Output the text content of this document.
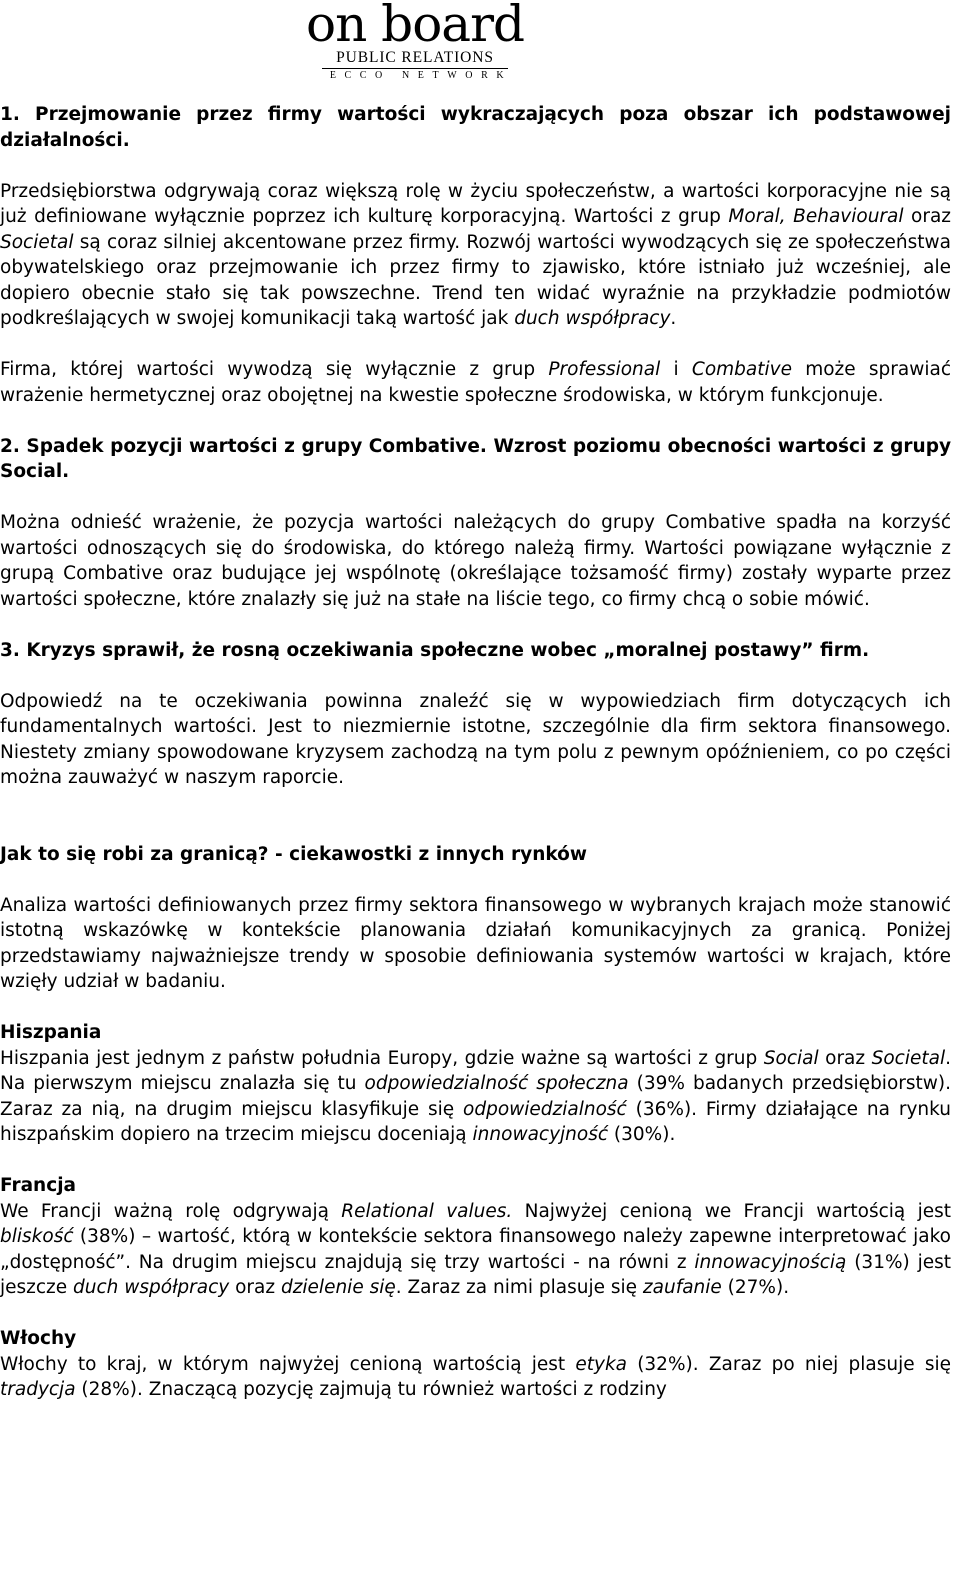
on board
PUBLIC RELATIONS
ECCO NETWORK

1. Przejmowanie przez firmy wartości wykraczających poza obszar ich podstawowej działalności.

Przedsiębiorstwa odgrywają coraz większą rolę w życiu społeczeństw, a wartości korporacyjne nie są już definiowane wyłącznie poprzez ich kulturę korporacyjną. Wartości z grup Moral, Behavioural oraz Societal są coraz silniej akcentowane przez firmy. Rozwój wartości wywodzących się ze społeczeństwa obywatelskiego oraz przejmowanie ich przez firmy to zjawisko, które istniało już wcześniej, ale dopiero obecnie stało się tak powszechne. Trend ten widać wyraźnie na przykładzie podmiotów podkreślających w swojej komunikacji taką wartość jak duch współpracy.

Firma, której wartości wywodzą się wyłącznie z grup Professional i Combative może sprawiać wrażenie hermetycznej oraz obojętnej na kwestie społeczne środowiska, w którym funkcjonuje.

2. Spadek pozycji wartości z grupy Combative. Wzrost poziomu obecności wartości z grupy Social.

Można odnieść wrażenie, że pozycja wartości należących do grupy Combative spadła na korzyść wartości odnoszących się do środowiska, do którego należą firmy. Wartości powiązane wyłącznie z grupą Combative oraz budujące jej wspólnotę (określające tożsamość firmy) zostały wyparte przez wartości społeczne, które znalazły się już na stałe na liście tego, co firmy chcą o sobie mówić.

3. Kryzys sprawił, że rosną oczekiwania społeczne wobec „moralnej postawy” firm.

Odpowiedź na te oczekiwania powinna znaleźć się w wypowiedziach firm dotyczących ich fundamentalnych wartości. Jest to niezmiernie istotne, szczególnie dla firm sektora finansowego. Niestety zmiany spowodowane kryzysem zachodzą na tym polu z pewnym opóźnieniem, co po części można zauważyć w naszym raporcie.

Jak to się robi za granicą? - ciekawostki z innych rynków

Analiza wartości definiowanych przez firmy sektora finansowego w wybranych krajach może stanowić istotną wskazówkę w kontekście planowania działań komunikacyjnych za granicą. Poniżej przedstawiamy najważniejsze trendy w sposobie definiowania systemów wartości w krajach, które wzięły udział w badaniu.

Hiszpania

Hiszpania jest jednym z państw południa Europy, gdzie ważne są wartości z grup Social oraz Societal. Na pierwszym miejscu znalazła się tu odpowiedzialność społeczna (39% badanych przedsiębiorstw). Zaraz za nią, na drugim miejscu klasyfikuje się odpowiedzialność (36%). Firmy działające na rynku hiszpańskim dopiero na trzecim miejscu doceniają innowacyjność (30%).

Francja

We Francji ważną rolę odgrywają Relational values. Najwyżej cenioną we Francji wartością jest bliskość (38%) – wartość, którą w kontekście sektora finansowego należy zapewne interpretować jako „dostępność”. Na drugim miejscu znajdują się trzy wartości - na równi z innowacyjnością (31%) jest jeszcze duch współpracy oraz dzielenie się. Zaraz za nimi plasuje się zaufanie (27%).

Włochy

Włochy to kraj, w którym najwyżej cenioną wartością jest etyka (32%). Zaraz po niej plasuje się tradycja (28%). Znaczącą pozycję zajmują tu również wartości z rodziny
